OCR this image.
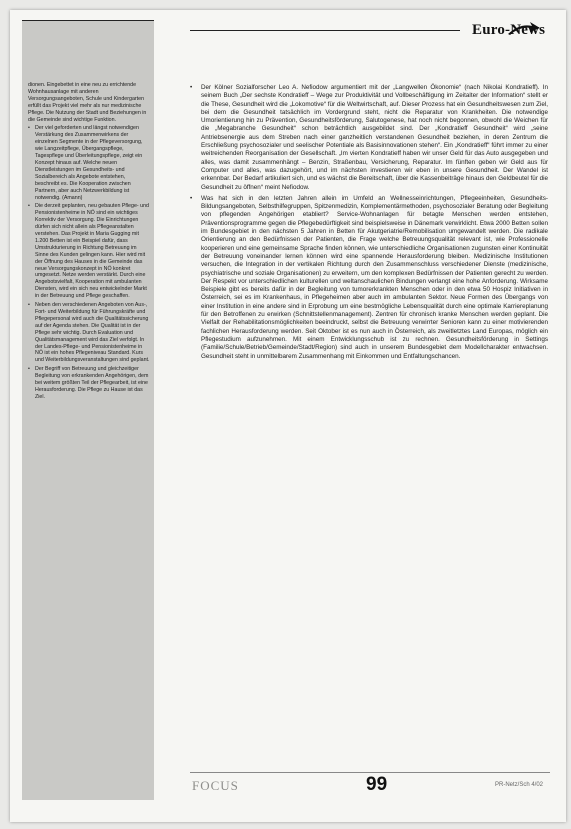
dionen. Eingebettet in eine neu zu errichtende Wohnhausanlage mit anderen Versorgungsangeboten, Schule und Kindergarten erfüllt das Projekt viel mehr als nur medizinische Pflege. Die Nutzung der Stadt und Beziehungen in die Gemeinde sind wichtige Funktion.

• Der viel geforderten und längst notwendigen Verstärkung des Zusammenwirkens der einzelnen Segmente in der Pflegeversorgung, wie Langzeitpflege, Übergangspflege, Tagespflege und Überleitungspflege, zeigt ein Konzept hinaus auf. Welche neuen Dienstleistungen im Gesundheits- und Sozialbereich als Angebote entstehen, beschreibt es. Die Kooperation zwischen Partnern, aber auch Netzwerkbildung ist notwendig. (Amann)
• Die derzeit geplanten, neu gebauten Pflege- und Pensionistenheime in NÖ sind ein wichtiges Korrektiv der Versorgung. Die Einrichtungen dürfen sich nicht allein als Pflegeanstalten verstehen. Das Projekt in Maria Gugging mit 1.200 Betten ist ein Beispiel dafür, dass Umstrukturierung in Richtung Betreuung im Sinne des Kunden gelingen kann. Hier wird mit der Öffnung des Hauses in die Gemeinde das neue Versorgungskonzept in NÖ konkret umgesetzt. Netze werden verstärkt. Durch eine Angebotsvielfalt, Kooperation mit ambulanten Diensten, wird ein sich neu entwickelnder Markt in der Betreuung und Pflege geschaffen.
• Neben den verschiedenen Angeboten von Aus-, Fort- und Weiterbildung für Führungskräfte und Pflegepersonal wird auch die Qualitätssicherung auf der Agenda stehen. Die Qualität ist in der Pflege sehr wichtig. Durch Evaluation und Qualitätsmanagement wird das Ziel verfolgt. In der Landes-Pflege- und Pensionistenheime in NÖ ist ein hohes Pflegeniveau Standard. Kurs und Weiterbildungsveranstaltungen sind geplant.
• Der Begriff von Betreuung und gleichzeitiger Begleitung von erkrankenden Angehörigen, dem bei weitem größten Teil der Pflegearbeit, ist eine Herausforderung. Die Pflege zu Hause ist das Ziel.
Euro-News

• Der Kölner Sozialforscher Leo A. Nefiodow argumentiert mit der „Langwellen Ökonomie“ (nach Nikolai Kondratieff). In seinem Buch „Der sechste Kondratieff – Wege zur Produktivität und Vollbeschäftigung im Zeitalter der Information“ stellt er die These, Gesundheit wird die „Lokomotive“ für die Weltwirtschaft, auf. Dieser Prozess hat ein Gesundheitswesen zum Ziel, bei dem die Gesundheit tatsächlich im Vordergrund steht, nicht die Reparatur von Krankheiten. Die notwendige Umorientierung hin zu Prävention, Gesundheitsförderung, Salutogenese, hat noch nicht begonnen, obwohl die Weichen für die „Megabranche Gesundheit“ schon beträchtlich ausgebildet sind. Der „Kondratieff Gesundheit“ wird „seine Antriebsenergie aus dem Streben nach einer ganzheitlich verstandenen Gesundheit beziehen, in deren Zentrum die Erschließung psychosozialer und seelischer Potentiale als Basisinnovationen stehen“. Ein „Kondratieff“ führt immer zu einer weitreichenden Reorganisation der Gesellschaft. „Im vierten Kondratieff haben wir unser Geld für das Auto ausgegeben und alles, was damit zusammenhängt – Benzin, Straßenbau, Versicherung, Reparatur. Im fünften geben wir Geld aus für Computer und alles, was dazugehört, und im nächsten investieren wir eben in unsere Gesundheit. Der Wandel ist erkennbar. Der Bedarf artikuliert sich, und es wächst die Bereitschaft, über die Kassenbeiträge hinaus den Geldbeutel für die Gesundheit zu öffnen“ meint Nefiodow.

• Was hat sich in den letzten Jahren allein im Umfeld an Wellnesseinrichtungen, Pflegeeinheiten, Gesundheits-Bildungsangeboten, Selbsthilfegruppen, Spitzenmedizin, Komplementärmethoden, psychosozialer Beratung oder Begleitung von pflegenden Angehörigen etabliert? Service-Wohnanlagen für betagte Menschen werden entstehen, Präventionsprogramme gegen die Pflegebedürftigkeit sind beispielsweise in Dänemark verwirklicht. Etwa 2000 Betten sollen im Bundesgebiet in den nächsten 5 Jahren in Betten für Akutgeriatrie/Remobilisation umgewandelt werden. Die radikale Orientierung an den Bedürfnissen der Patienten, die Frage welche Betreuungsqualität relevant ist, wie Professionelle kooperieren und eine gemeinsame Sprache finden können, wie unterschiedliche Organisationen zugunsten einer Kontinuität der Betreuung voneinander lernen können wird eine spannende Herausforderung bleiben. Medizinische Institutionen versuchen, die Integration in der vertikalen Richtung durch den Zusammenschluss verschiedener Dienste (medizinische, psychiatrische und soziale Organisationen) zu erweitern, um den komplexen Bedürfnissen der Patienten gerecht zu werden. Der Respekt vor unterschiedlichen kulturellen und weltanschaulichen Bindungen verlangt eine hohe Anforderung. Wirksame Beispiele gibt es bereits dafür in der Begleitung von tumorerkrankten Menschen oder in den etwa 50 Hospiz Initiativen in Österreich, sei es im Krankenhaus, in Pflegeheimen aber auch im ambulanten Sektor. Neue Formen des Übergangs von einer Institution in eine andere sind in Erprobung um eine bestmögliche Lebensqualität durch eine optimale Karriereplanung für den Betroffenen zu erwirken (Schnittstellenmanagement). Zentren für chronisch kranke Menschen werden geplant. Die Vielfalt der Rehabilitationsmöglichkeiten beeindruckt, selbst die Betreuung verwirrter Senioren kann zu einer motivierenden fachlichen Herausforderung werden. Seit Oktober ist es nun auch in Österreich, als zweitletztes Land Europas, möglich ein Pflegestudium aufzunehmen. Mit einem Entwicklungsschub ist zu rechnen. Gesundheitsförderung in Settings (Familie/Schule/Betrieb/Gemeinde/Stadt/Region) sind auch in unserem Bundesgebiet dem Modellcharakter entwachsen. Gesundheit steht in unmittelbarem Zusammenhang mit Einkommen und Entfaltungschancen.

FOCUS	99	PR-Netz/Sch 4/02
